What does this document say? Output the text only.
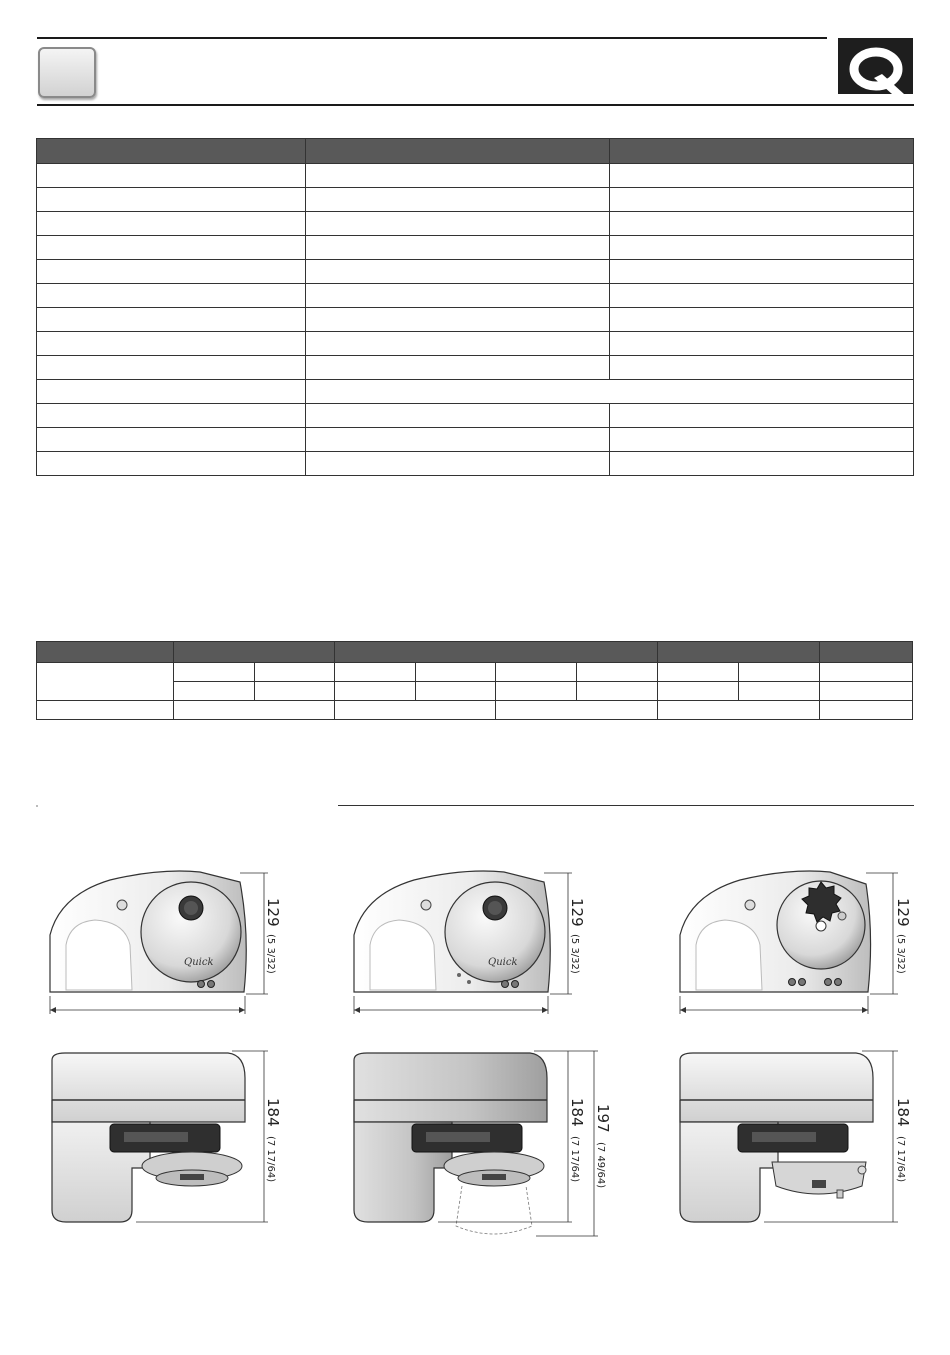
Quick
129
(5 3/32)	Quick
129
(5 3/32)
129
(5 3/32)
184
(7 17/64)
184
(7 17/64)
197
(7 49/64)
184
(7 17/64)
